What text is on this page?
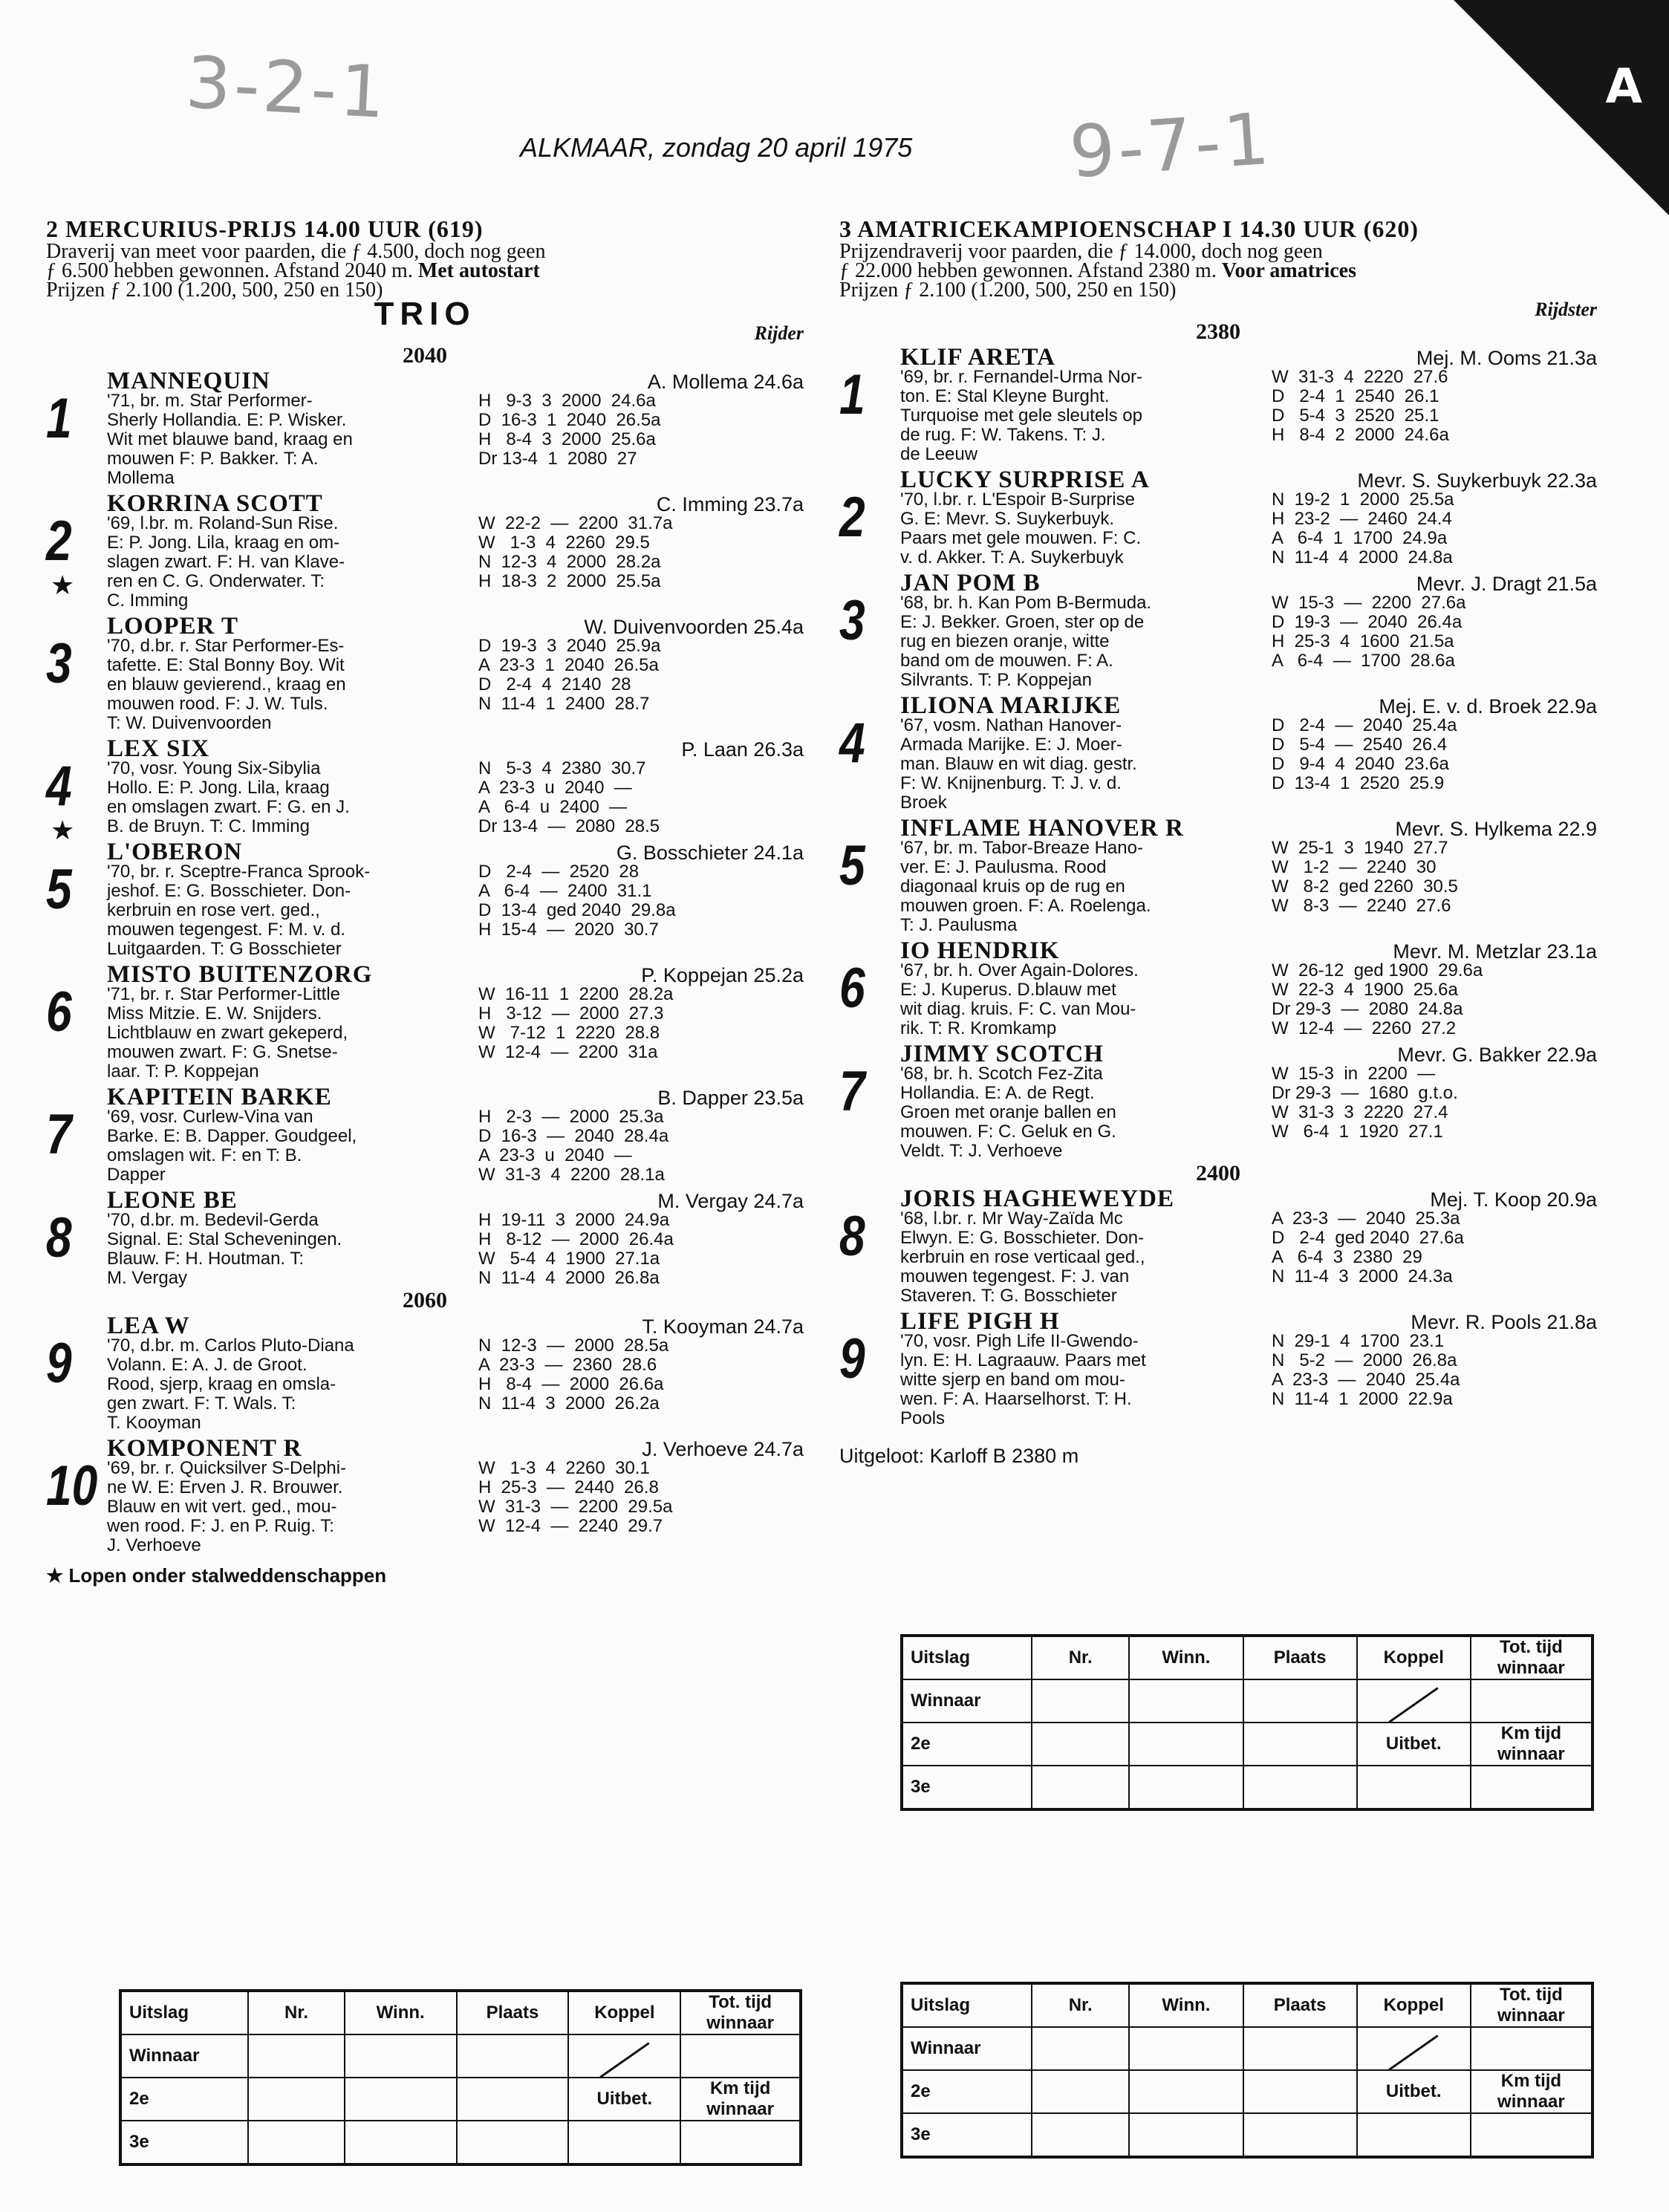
3-2-1
9-7-1
A
ALKMAAR, zondag 20 april 1975
2 MERCURIUS-PRIJS 14.00 UUR (619)
Draverij van meet voor paarden, die ƒ 4.500, doch nog geen
ƒ 6.500 hebben gewonnen. Afstand 2040 m. Met autostart
Prijzen ƒ 2.100 (1.200, 500, 250 en 150)
TRIO
Rijder
2040
1
MANNEQUIN	A. Mollema 24.6a
'71, br. m. Star Performer-
Sherly Hollandia. E: P. Wisker.
Wit met blauwe band, kraag en
mouwen F: P. Bakker. T: A.
Mollema
H   9-3  3  2000  24.6a
D  16-3  1  2040  26.5a
H   8-4  3  2000  25.6a
Dr 13-4  1  2080  27
2
★
KORRINA SCOTT	C. Imming 23.7a
'69, l.br. m. Roland-Sun Rise.
E: P. Jong. Lila, kraag en om-
slagen zwart. F: H. van Klave-
ren en C. G. Onderwater. T:
C. Imming
W  22-2  —  2200  31.7a
W   1-3  4  2260  29.5
N  12-3  4  2000  28.2a
H  18-3  2  2000  25.5a
3
LOOPER T	W. Duivenvoorden 25.4a
'70, d.br. r. Star Performer-Es-
tafette. E: Stal Bonny Boy. Wit
en blauw gevierend., kraag en
mouwen rood. F: J. W. Tuls.
T: W. Duivenvoorden
D  19-3  3  2040  25.9a
A  23-3  1  2040  26.5a
D   2-4  4  2140  28
N  11-4  1  2400  28.7
4
★
LEX SIX	P. Laan 26.3a
'70, vosr. Young Six-Sibylia
Hollo. E: P. Jong. Lila, kraag
en omslagen zwart. F: G. en J.
B. de Bruyn. T: C. Imming
N   5-3  4  2380  30.7
A  23-3  u  2040  —
A   6-4  u  2400  —
Dr 13-4  —  2080  28.5
5
L'OBERON	G. Bosschieter 24.1a
'70, br. r. Sceptre-Franca Sprook-
jeshof. E: G. Bosschieter. Don-
kerbruin en rose vert. ged.,
mouwen tegengest. F: M. v. d.
Luitgaarden. T: G Bosschieter
D   2-4  —  2520  28
A   6-4  —  2400  31.1
D  13-4  ged 2040  29.8a
H  15-4  —  2020  30.7
6
MISTO BUITENZORG	P. Koppejan 25.2a
'71, br. r. Star Performer-Little
Miss Mitzie. E. W. Snijders.
Lichtblauw en zwart gekeperd,
mouwen zwart. F: G. Snetse-
laar. T: P. Koppejan
W  16-11  1  2200  28.2a
H   3-12  —  2000  27.3
W   7-12  1  2220  28.8
W  12-4  —  2200  31a
7
KAPITEIN BARKE	B. Dapper 23.5a
'69, vosr. Curlew-Vina van
Barke. E: B. Dapper. Goudgeel,
omslagen wit. F: en T: B.
Dapper
H   2-3  —  2000  25.3a
D  16-3  —  2040  28.4a
A  23-3  u  2040  —
W  31-3  4  2200  28.1a
8
LEONE BE	M. Vergay 24.7a
'70, d.br. m. Bedevil-Gerda
Signal. E: Stal Scheveningen.
Blauw. F: H. Houtman. T:
M. Vergay
H  19-11  3  2000  24.9a
H   8-12  —  2000  26.4a
W   5-4  4  1900  27.1a
N  11-4  4  2000  26.8a
2060
9
LEA W	T. Kooyman 24.7a
'70, d.br. m. Carlos Pluto-Diana
Volann. E: A. J. de Groot.
Rood, sjerp, kraag en omsla-
gen zwart. F: T. Wals. T:
T. Kooyman
N  12-3  —  2000  28.5a
A  23-3  —  2360  28.6
H   8-4  —  2000  26.6a
N  11-4  3  2000  26.2a
10
KOMPONENT R	J. Verhoeve 24.7a
'69, br. r. Quicksilver S-Delphi-
ne W. E: Erven J. R. Brouwer.
Blauw en wit vert. ged., mou-
wen rood. F: J. en P. Ruig. T:
J. Verhoeve
W   1-3  4  2260  30.1
H  25-3  —  2440  26.8
W  31-3  —  2200  29.5a
W  12-4  —  2240  29.7
★ Lopen onder stalweddenschappen
3 AMATRICEKAMPIOENSCHAP I 14.30 UUR (620)
Prijzendraverij voor paarden, die ƒ 14.000, doch nog geen
ƒ 22.000 hebben gewonnen. Afstand 2380 m. Voor amatrices
Prijzen ƒ 2.100 (1.200, 500, 250 en 150)
Rijdster
2380
1
KLIF ARETA	Mej. M. Ooms 21.3a
'69, br. r. Fernandel-Urma Nor-
ton. E: Stal Kleyne Burght.
Turquoise met gele sleutels op
de rug. F: W. Takens. T: J.
de Leeuw
W  31-3  4  2220  27.6
D   2-4  1  2540  26.1
D   5-4  3  2520  25.1
H   8-4  2  2000  24.6a
2
LUCKY SURPRISE A	Mevr. S. Suykerbuyk 22.3a
'70, l.br. r. L'Espoir B-Surprise
G. E: Mevr. S. Suykerbuyk.
Paars met gele mouwen. F: C.
v. d. Akker. T: A. Suykerbuyk
N  19-2  1  2000  25.5a
H  23-2  —  2460  24.4
A   6-4  1  1700  24.9a
N  11-4  4  2000  24.8a
3
JAN POM B	Mevr. J. Dragt 21.5a
'68, br. h. Kan Pom B-Bermuda.
E: J. Bekker. Groen, ster op de
rug en biezen oranje, witte
band om de mouwen. F: A.
Silvrants. T: P. Koppejan
W  15-3  —  2200  27.6a
D  19-3  —  2040  26.4a
H  25-3  4  1600  21.5a
A   6-4  —  1700  28.6a
4
ILIONA MARIJKE	Mej. E. v. d. Broek 22.9a
'67, vosm. Nathan Hanover-
Armada Marijke. E: J. Moer-
man. Blauw en wit diag. gestr.
F: W. Knijnenburg. T: J. v. d.
Broek
D   2-4  —  2040  25.4a
D   5-4  —  2540  26.4
D   9-4  4  2040  23.6a
D  13-4  1  2520  25.9
5
INFLAME HANOVER R	Mevr. S. Hylkema 22.9
'67, br. m. Tabor-Breaze Hano-
ver. E: J. Paulusma. Rood
diagonaal kruis op de rug en
mouwen groen. F: A. Roelenga.
T: J. Paulusma
W  25-1  3  1940  27.7
W   1-2  —  2240  30
W   8-2  ged 2260  30.5
W   8-3  —  2240  27.6
6
IO HENDRIK	Mevr. M. Metzlar 23.1a
'67, br. h. Over Again-Dolores.
E: J. Kuperus. D.blauw met
wit diag. kruis. F: C. van Mou-
rik. T: R. Kromkamp
W  26-12  ged 1900  29.6a
W  22-3  4  1900  25.6a
Dr 29-3  —  2080  24.8a
W  12-4  —  2260  27.2
7
JIMMY SCOTCH	Mevr. G. Bakker 22.9a
'68, br. h. Scotch Fez-Zita
Hollandia. E: A. de Regt.
Groen met oranje ballen en
mouwen. F: C. Geluk en G.
Veldt. T: J. Verhoeve
W  15-3  in  2200  —
Dr 29-3  —  1680  g.t.o.
W  31-3  3  2220  27.4
W   6-4  1  1920  27.1
2400
8
JORIS HAGHEWEYDE	Mej. T. Koop 20.9a
'68, l.br. r. Mr Way-Zaïda Mc
Elwyn. E: G. Bosschieter. Don-
kerbruin en rose verticaal ged.,
mouwen tegengest. F: J. van
Staveren. T: G. Bosschieter
A  23-3  —  2040  25.3a
D   2-4  ged 2040  27.6a
A   6-4  3  2380  29
N  11-4  3  2000  24.3a
9
LIFE PIGH H	Mevr. R. Pools 21.8a
'70, vosr. Pigh Life II-Gwendo-
lyn. E: H. Lagraauw. Paars met
witte sjerp en band om mou-
wen. F: A. Haarselhorst. T: H.
Pools
N  29-1  4  1700  23.1
N   5-2  —  2000  26.8a
A  23-3  —  2040  25.4a
N  11-4  1  2000  22.9a
Uitgeloot: Karloff B 2380 m
Uitslag	Nr.	Winn.	Plaats	Koppel	Tot. tijd winnaar
Winnaar					
2e				Uitbet.	Km tijd winnaar
3e					
Uitslag	Nr.	Winn.	Plaats	Koppel	Tot. tijd winnaar
Winnaar					
2e				Uitbet.	Km tijd winnaar
3e					
Uitslag	Nr.	Winn.	Plaats	Koppel	Tot. tijd winnaar
Winnaar					
2e				Uitbet.	Km tijd winnaar
3e					
